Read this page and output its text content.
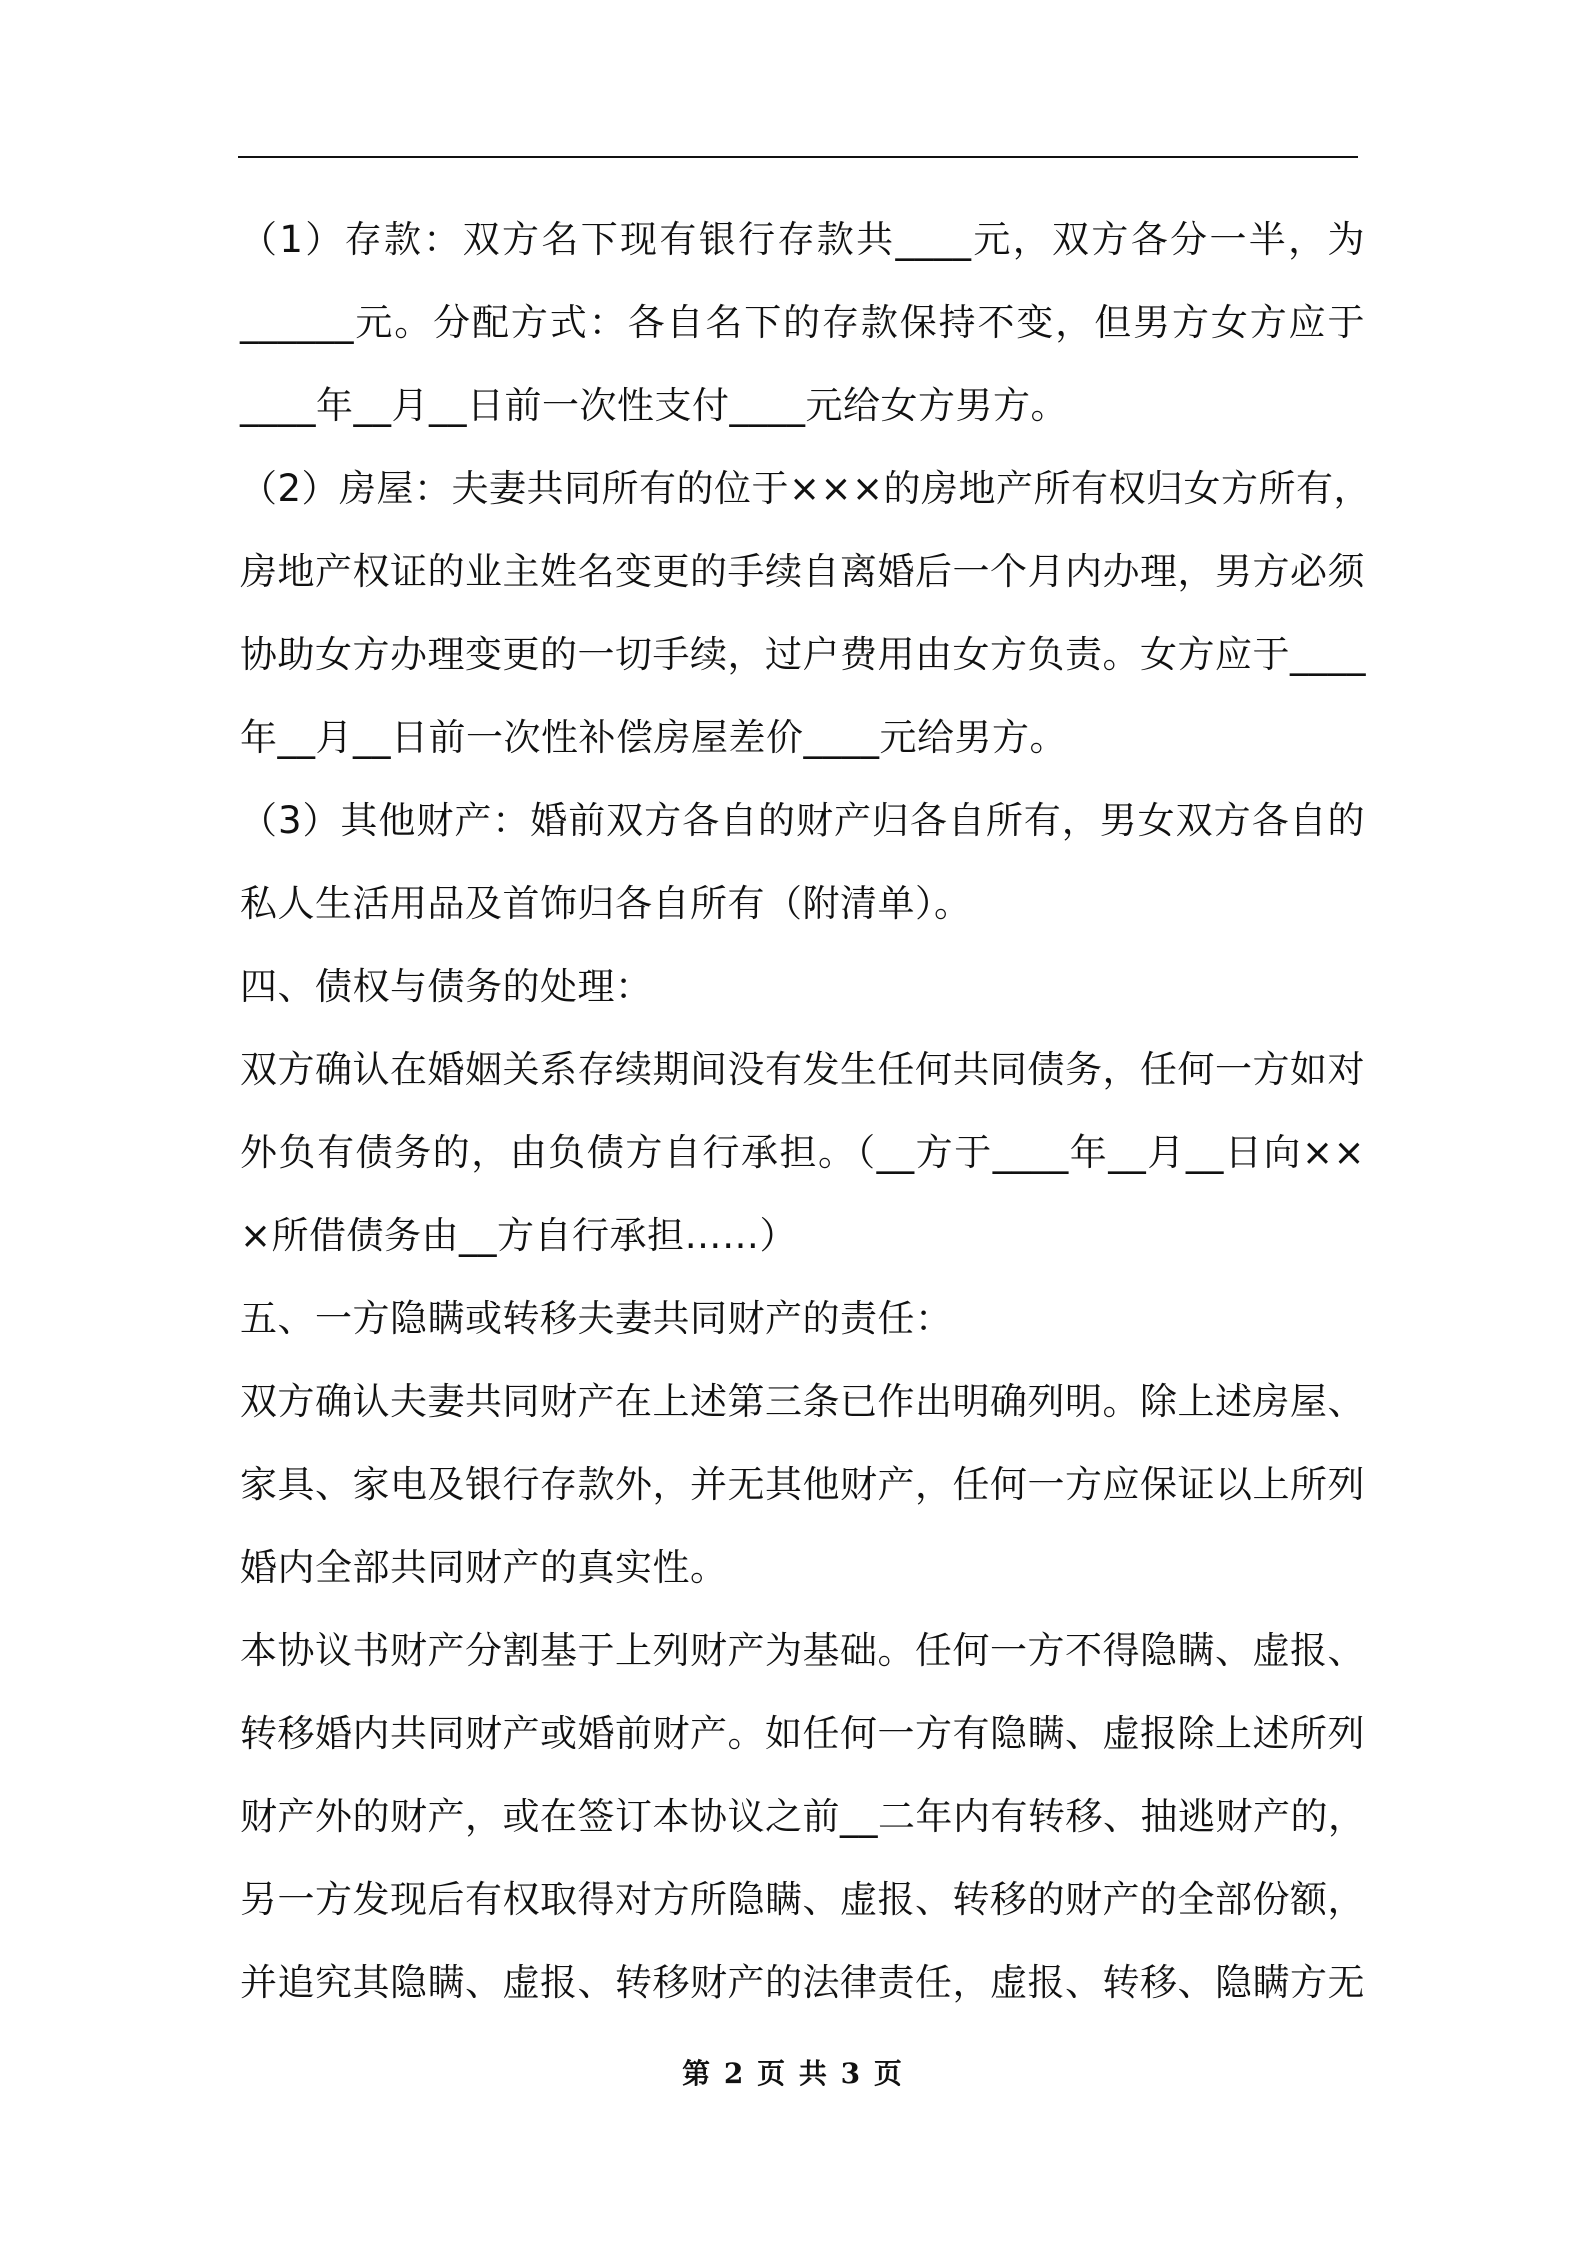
（1）存款：双方名下现有银行存款共____元，双方各分一半，为
______元。分配方式：各自名下的存款保持不变，但男方女方应于
____年__月__日前一次性支付____元给女方男方。
（2）房屋：夫妻共同所有的位于×××的房地产所有权归女方所有，
房地产权证的业主姓名变更的手续自离婚后一个月内办理，男方必须
协助女方办理变更的一切手续，过户费用由女方负责。女方应于____
年__月__日前一次性补偿房屋差价____元给男方。
（3）其他财产：婚前双方各自的财产归各自所有，男女双方各自的
私人生活用品及首饰归各自所有（附清单）。
四、债权与债务的处理：
双方确认在婚姻关系存续期间没有发生任何共同债务，任何一方如对
外负有债务的，由负债方自行承担。（__方于____年__月__日向××
×所借债务由__方自行承担……）
五、一方隐瞒或转移夫妻共同财产的责任：
双方确认夫妻共同财产在上述第三条已作出明确列明。除上述房屋、
家具、家电及银行存款外，并无其他财产，任何一方应保证以上所列
婚内全部共同财产的真实性。
本协议书财产分割基于上列财产为基础。任何一方不得隐瞒、虚报、
转移婚内共同财产或婚前财产。如任何一方有隐瞒、虚报除上述所列
财产外的财产，或在签订本协议之前__二年内有转移、抽逃财产的，
另一方发现后有权取得对方所隐瞒、虚报、转移的财产的全部份额，
并追究其隐瞒、虚报、转移财产的法律责任，虚报、转移、隐瞒方无
第 2 页 共 3 页
